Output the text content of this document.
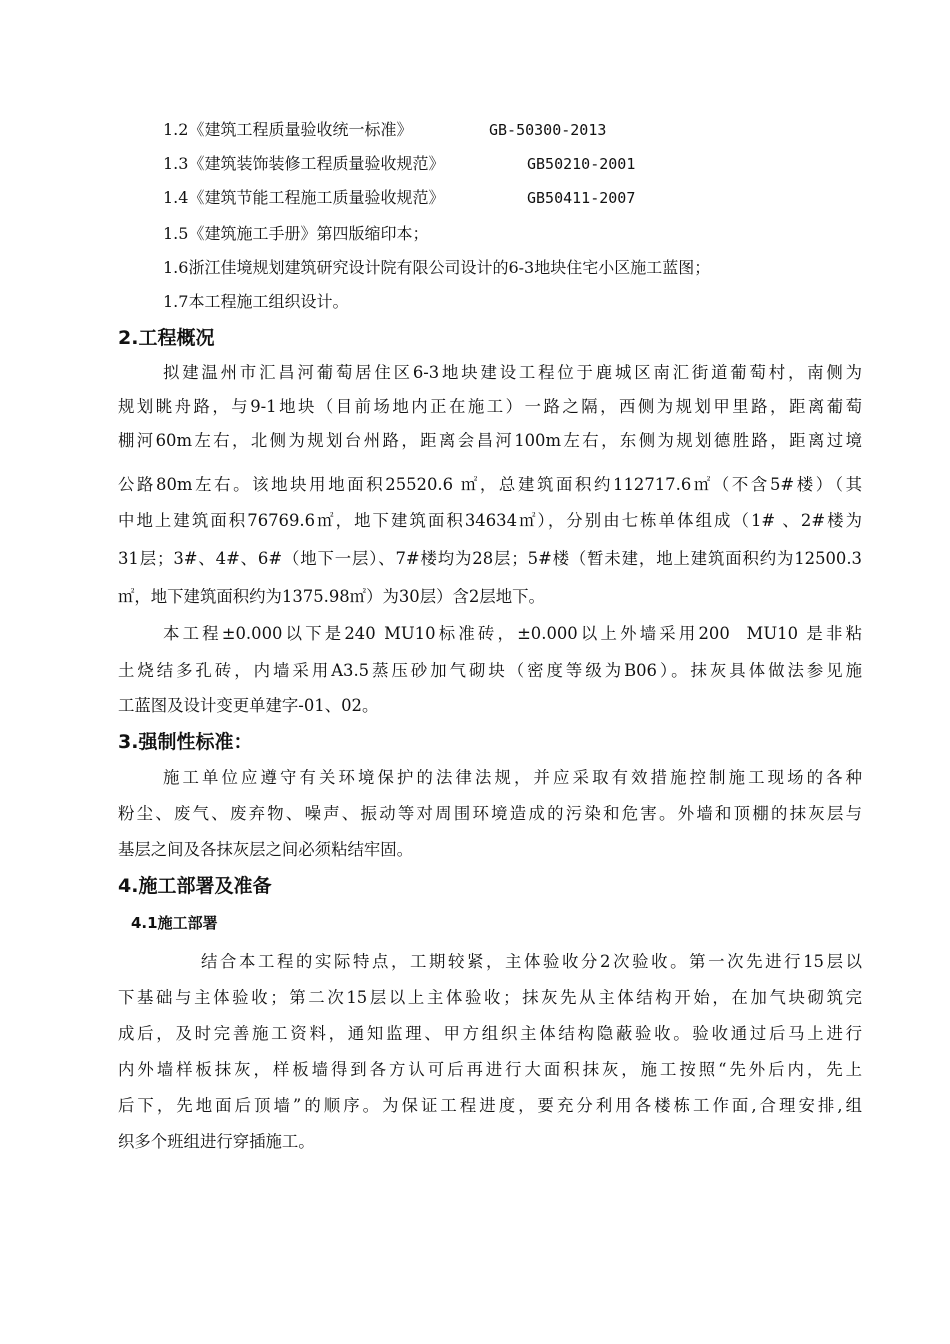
1.2《建筑工程质量验收统一标准》	GB-50300-2013
1.3《建筑装饰装修工程质量验收规范》	GB50210-2001
1.4《建筑节能工程施工质量验收规范》	GB50411-2007
1.5《建筑施工手册》第四版缩印本；
1.6浙江佳境规划建筑研究设计院有限公司设计的6-3地块住宅小区施工蓝图；
1.7本工程施工组织设计。
2.工程概况
拟建温州市汇昌河葡萄居住区6-3地块建设工程位于鹿城区南汇街道葡萄村，南侧为
规划眺舟路，与9-1地块（目前场地内正在施工）一路之隔，西侧为规划甲里路，距离葡萄
棚河60m左右，北侧为规划台州路，距离会昌河100m左右，东侧为规划德胜路，距离过境
公路80m左右。该地块用地面积25520.6 ㎡，总建筑面积约112717.6㎡（不含5#楼）（其
中地上建筑面积76769.6㎡，地下建筑面积34634㎡），分别由七栋单体组成（1# 、2#楼为
31层；3#、4#、6#（地下一层）、7#楼均为28层；5#楼（暂未建，地上建筑面积约为12500.3
㎡，地下建筑面积约为1375.98㎡）为30层）含2层地下。
本工程±0.000以下是240 MU10标准砖，±0.000以上外墙采用200  MU10 是非粘
土烧结多孔砖，内墙采用A3.5蒸压砂加气砌块（密度等级为B06）。抹灰具体做法参见施
工蓝图及设计变更单建字-01、02。
3.强制性标准：
施工单位应遵守有关环境保护的法律法规，并应采取有效措施控制施工现场的各种
粉尘、废气、废弃物、噪声、振动等对周围环境造成的污染和危害。外墙和顶棚的抹灰层与
基层之间及各抹灰层之间必须粘结牢固。
4.施工部署及准备
4.1施工部署
结合本工程的实际特点，工期较紧，主体验收分2次验收。第一次先进行15层以
下基础与主体验收；第二次15层以上主体验收；抹灰先从主体结构开始，在加气块砌筑完
成后，及时完善施工资料，通知监理、甲方组织主体结构隐蔽验收。验收通过后马上进行
内外墙样板抹灰，样板墙得到各方认可后再进行大面积抹灰，施工按照“先外后内，先上
后下，先地面后顶墙”的顺序。为保证工程进度，要充分利用各楼栋工作面,合理安排,组
织多个班组进行穿插施工。
